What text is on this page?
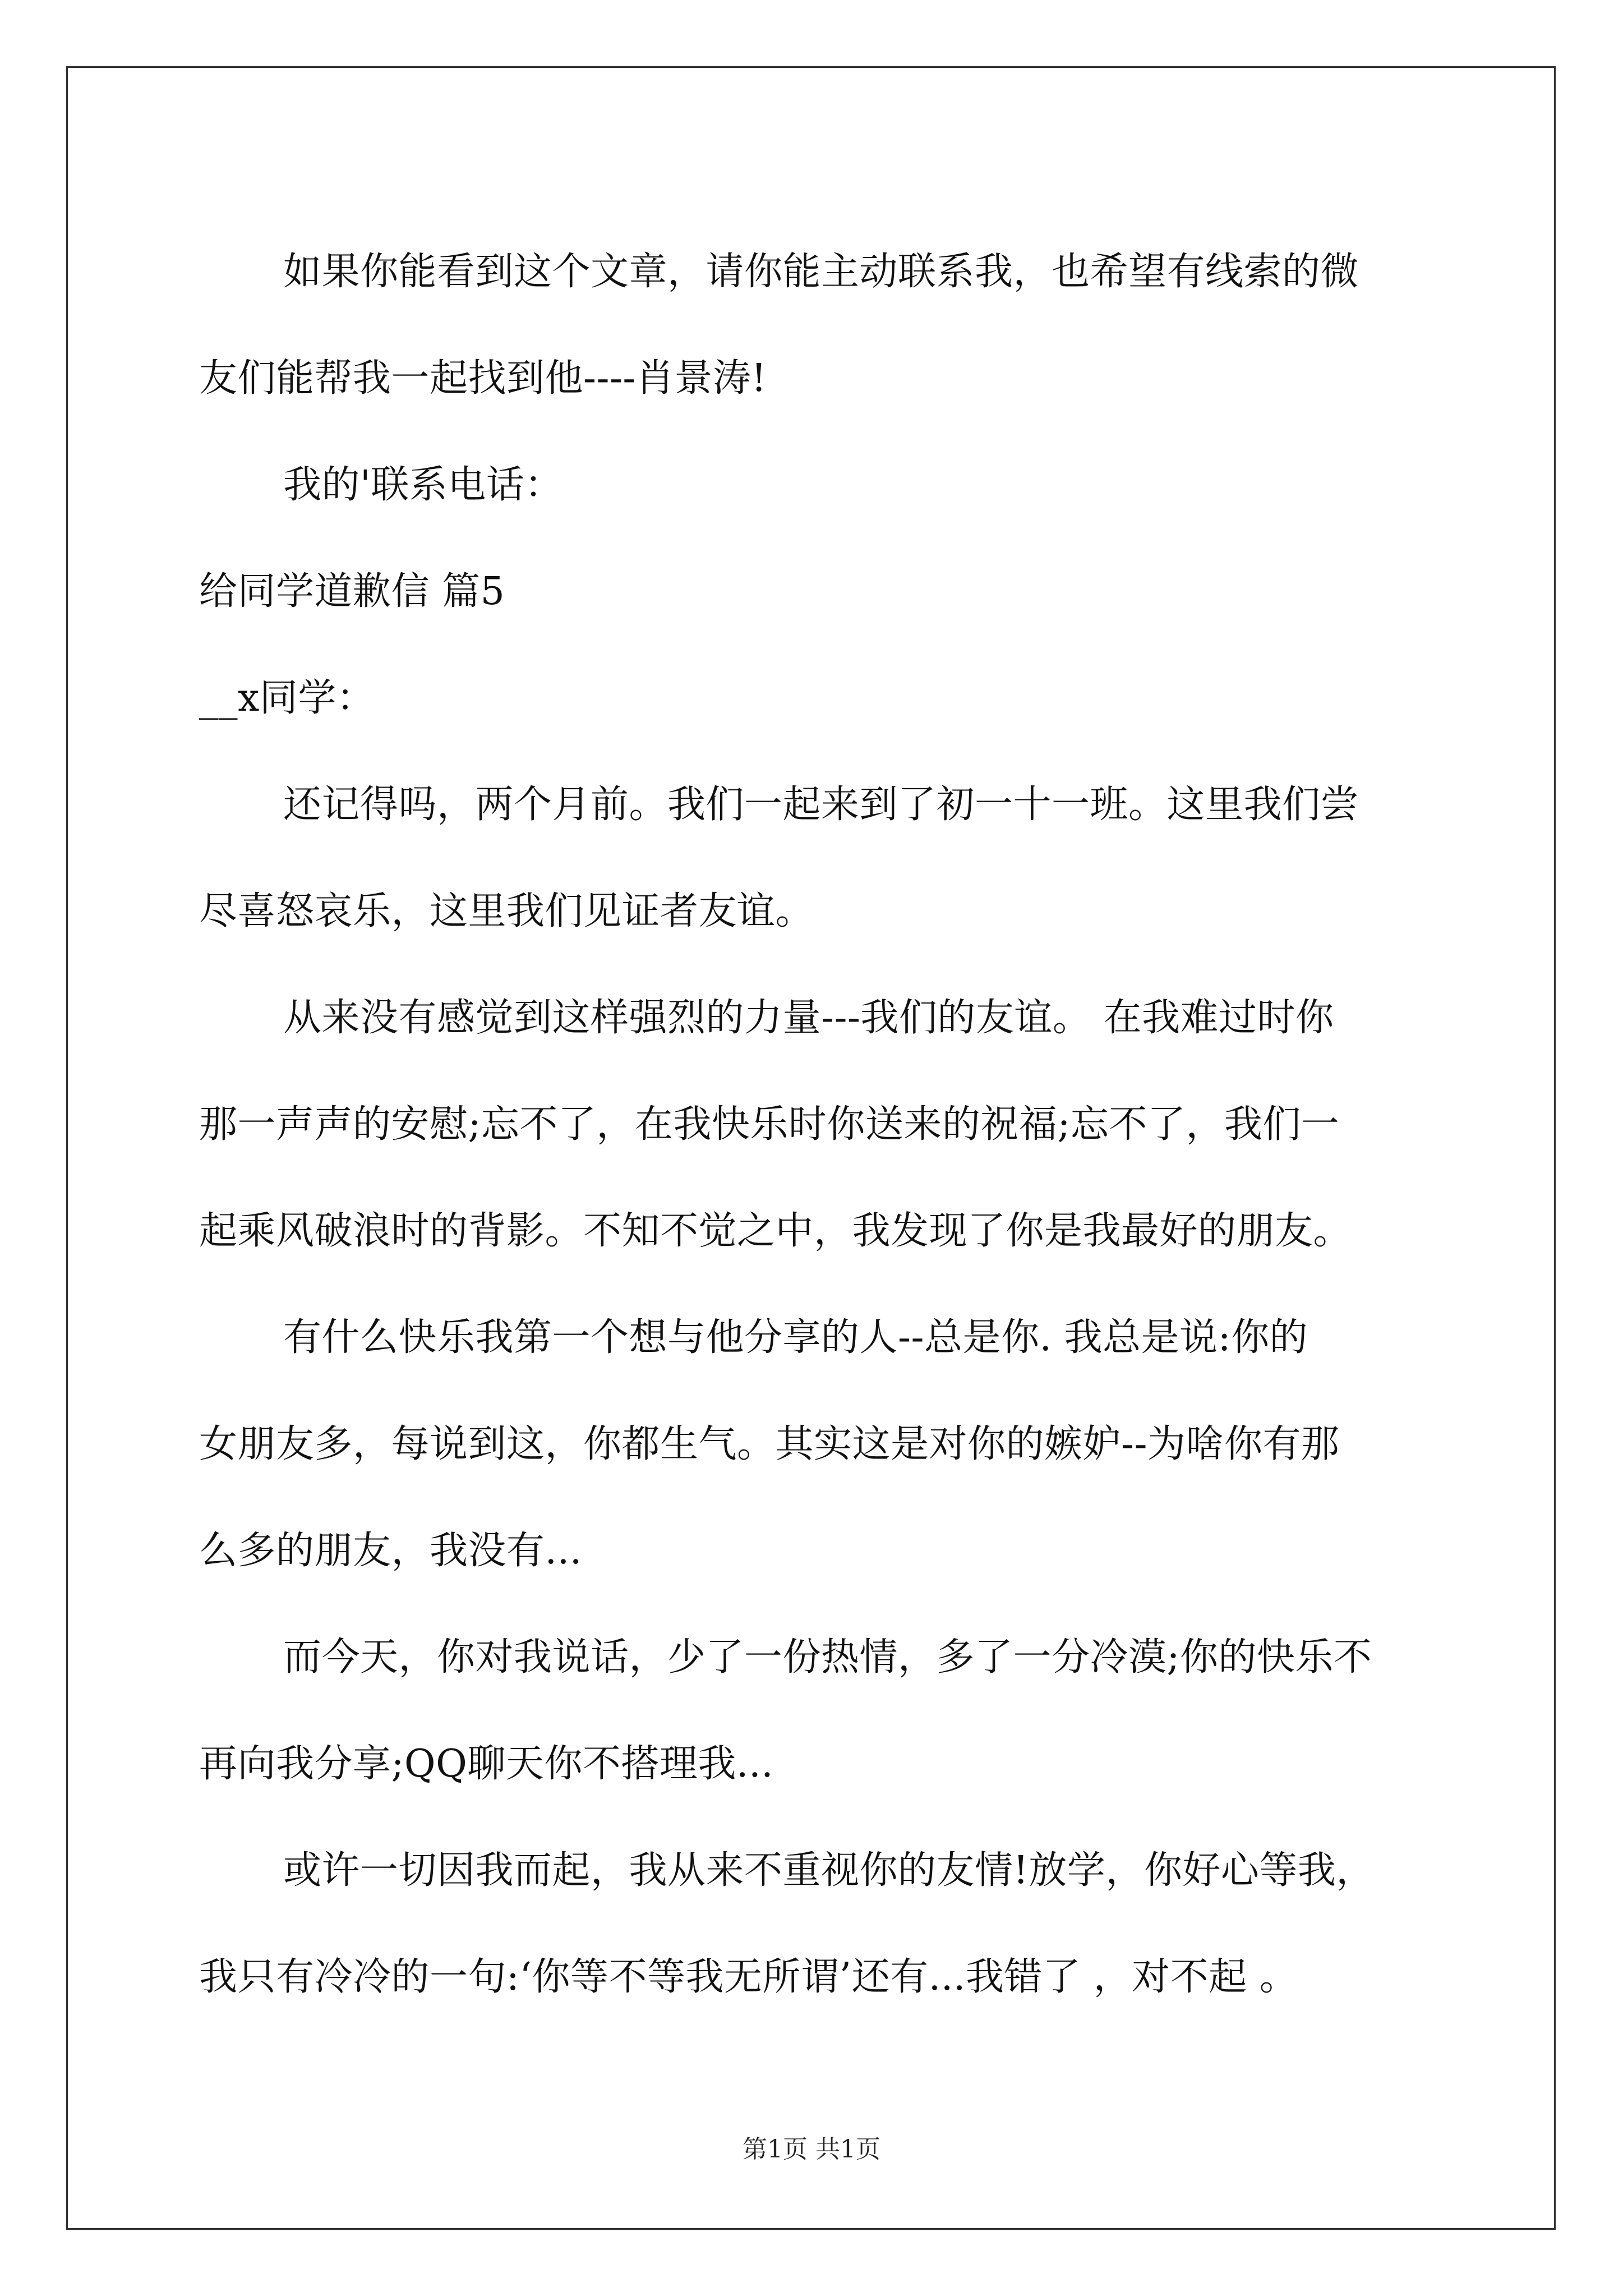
如果你能看到这个文章，请你能主动联系我，也希望有线索的微
友们能帮我一起找到他----肖景涛!
我的'联系电话：
给同学道歉信 篇5
__x同学：
还记得吗，两个月前。我们一起来到了初一十一班。这里我们尝
尽喜怒哀乐，这里我们见证者友谊。
从来没有感觉到这样强烈的力量---我们的友谊。 在我难过时你
那一声声的安慰;忘不了，在我快乐时你送来的祝福;忘不了，我们一
起乘风破浪时的背影。不知不觉之中，我发现了你是我最好的朋友。
有什么快乐我第一个想与他分享的人--总是你. 我总是说:你的
女朋友多，每说到这，你都生气。其实这是对你的嫉妒--为啥你有那
么多的朋友，我没有...
而今天，你对我说话，少了一份热情，多了一分冷漠;你的快乐不
再向我分享;QQ聊天你不搭理我...
或许一切因我而起，我从来不重视你的友情!放学，你好心等我，
我只有冷冷的一句:‘你等不等我无所谓’还有...我错了 ，对不起 。
第1页 共1页
